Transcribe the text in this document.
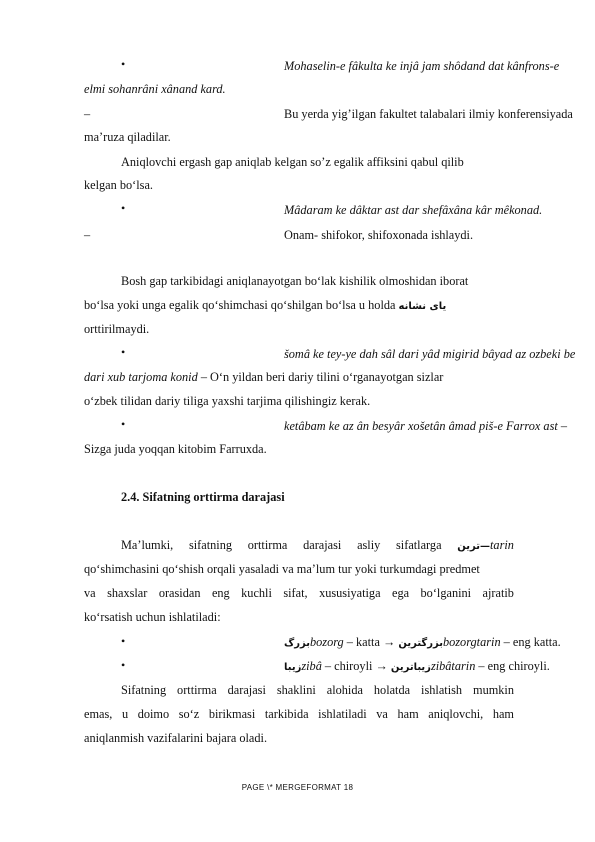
•	Mohaselin-e fâkulta ke injâ jam shôdand dat kânfrons-e
elmi sohanrâni xânand kard.
–	Bu yerda yig’ilgan fakultet talabalari ilmiy konferensiyada
ma’ruza qiladilar.
Aniqlovchi ergash gap aniqlab kelgan so’z egalik affiksini qabul qilib
kelgan bo‘lsa.
•	Mâdaram ke dâktar ast dar shefâxâna kâr mêkonad.
–	Onam- shifokor, shifoxonada ishlaydi.
Bosh gap tarkibidagi aniqlanayotgan bo‘lak kishilik olmoshidan iborat
bo‘lsa yoki unga egalik qo‘shimchasi qo‘shilgan bo‘lsa u holda یای نشانه
orttirilmaydi.
•	šomâ ke tey-ye dah sâl dari yâd migirid bâyad az ozbeki be
dari xub tarjoma konid – O‘n yildan beri dariy tilini o‘rganayotgan sizlar
o‘zbek tilidan dariy tiliga yaxshi tarjima qilishingiz kerak.
•	ketâbam ke az ân besyâr xošetân âmad piš-e Farrox ast –
Sizga juda yoqqan kitobim Farruxda.
2.4. Sifatning orttirma darajasi
Ma’lumki, sifatning orttirma darajasi asliy sifatlarga ترین—tarin
qo‘shimchasini qo‘shish orqali yasaladi va ma’lum tur yoki turkumdagi predmet
va shaxslar orasidan eng kuchli sifat, xususiyatiga ega bo‘lganini ajratib
ko‘rsatish uchun ishlatiladi:
•	بزرگbozorg – katta → بزرگترینbozorgtarin – eng katta.
•	زیباzibâ – chiroyli → زیباترینzibâtarin – eng chiroyli.
Sifatning orttirma darajasi shaklini alohida holatda ishlatish mumkin
emas, u doimo so‘z birikmasi tarkibida ishlatiladi va ham aniqlovchi, ham
aniqlanmish vazifalarini bajara oladi.
PAGE \* MERGEFORMAT 18
